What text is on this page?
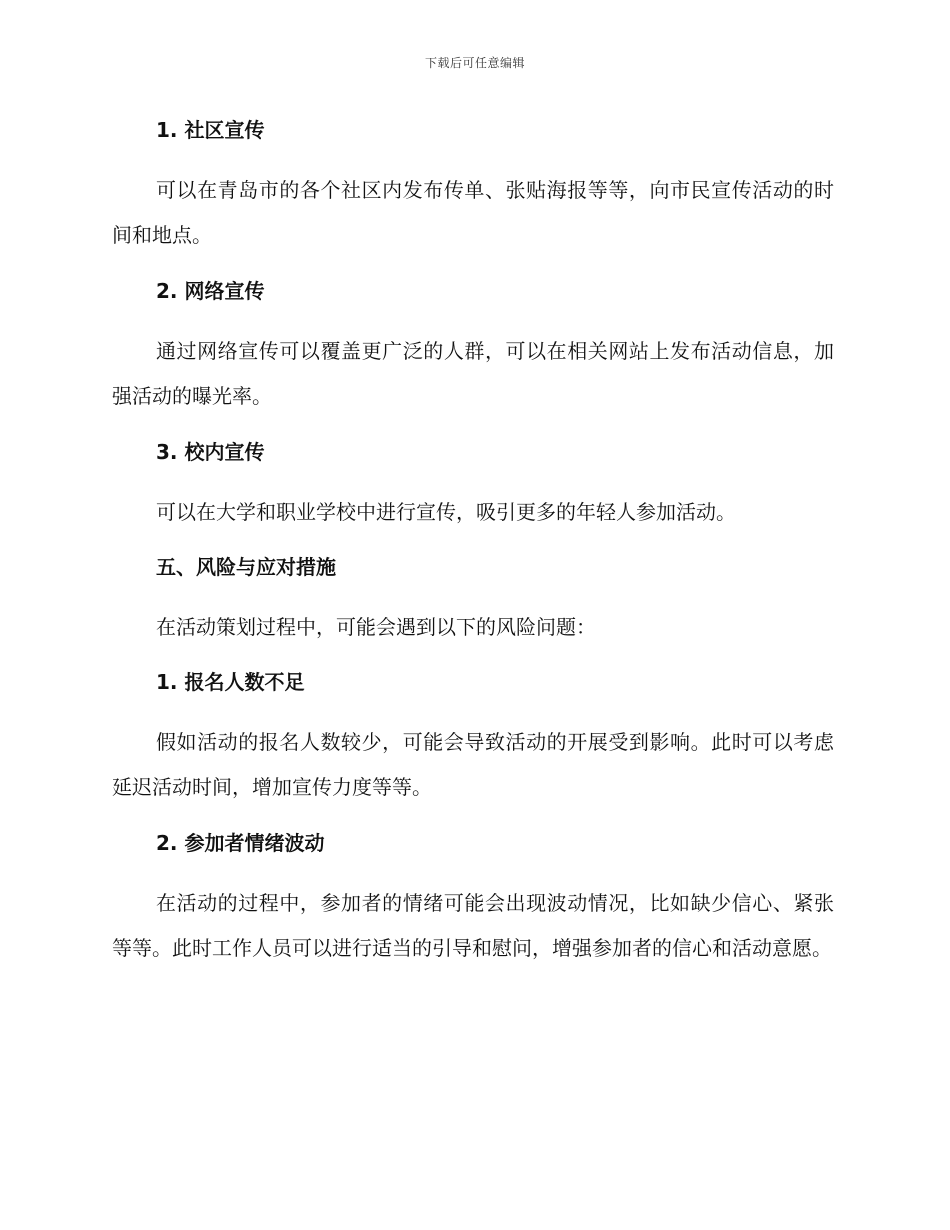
下载后可任意编辑
1. 社区宣传

可以在青岛市的各个社区内发布传单、张贴海报等等，向市民宣传活动的时间和地点。

2. 网络宣传

通过网络宣传可以覆盖更广泛的人群，可以在相关网站上发布活动信息，加强活动的曝光率。

3. 校内宣传

可以在大学和职业学校中进行宣传，吸引更多的年轻人参加活动。

五、风险与应对措施

在活动策划过程中，可能会遇到以下的风险问题：

1. 报名人数不足

假如活动的报名人数较少，可能会导致活动的开展受到影响。此时可以考虑延迟活动时间，增加宣传力度等等。

2. 参加者情绪波动

在活动的过程中，参加者的情绪可能会出现波动情况，比如缺少信心、紧张等等。此时工作人员可以进行适当的引导和慰问，增强参加者的信心和活动意愿。
